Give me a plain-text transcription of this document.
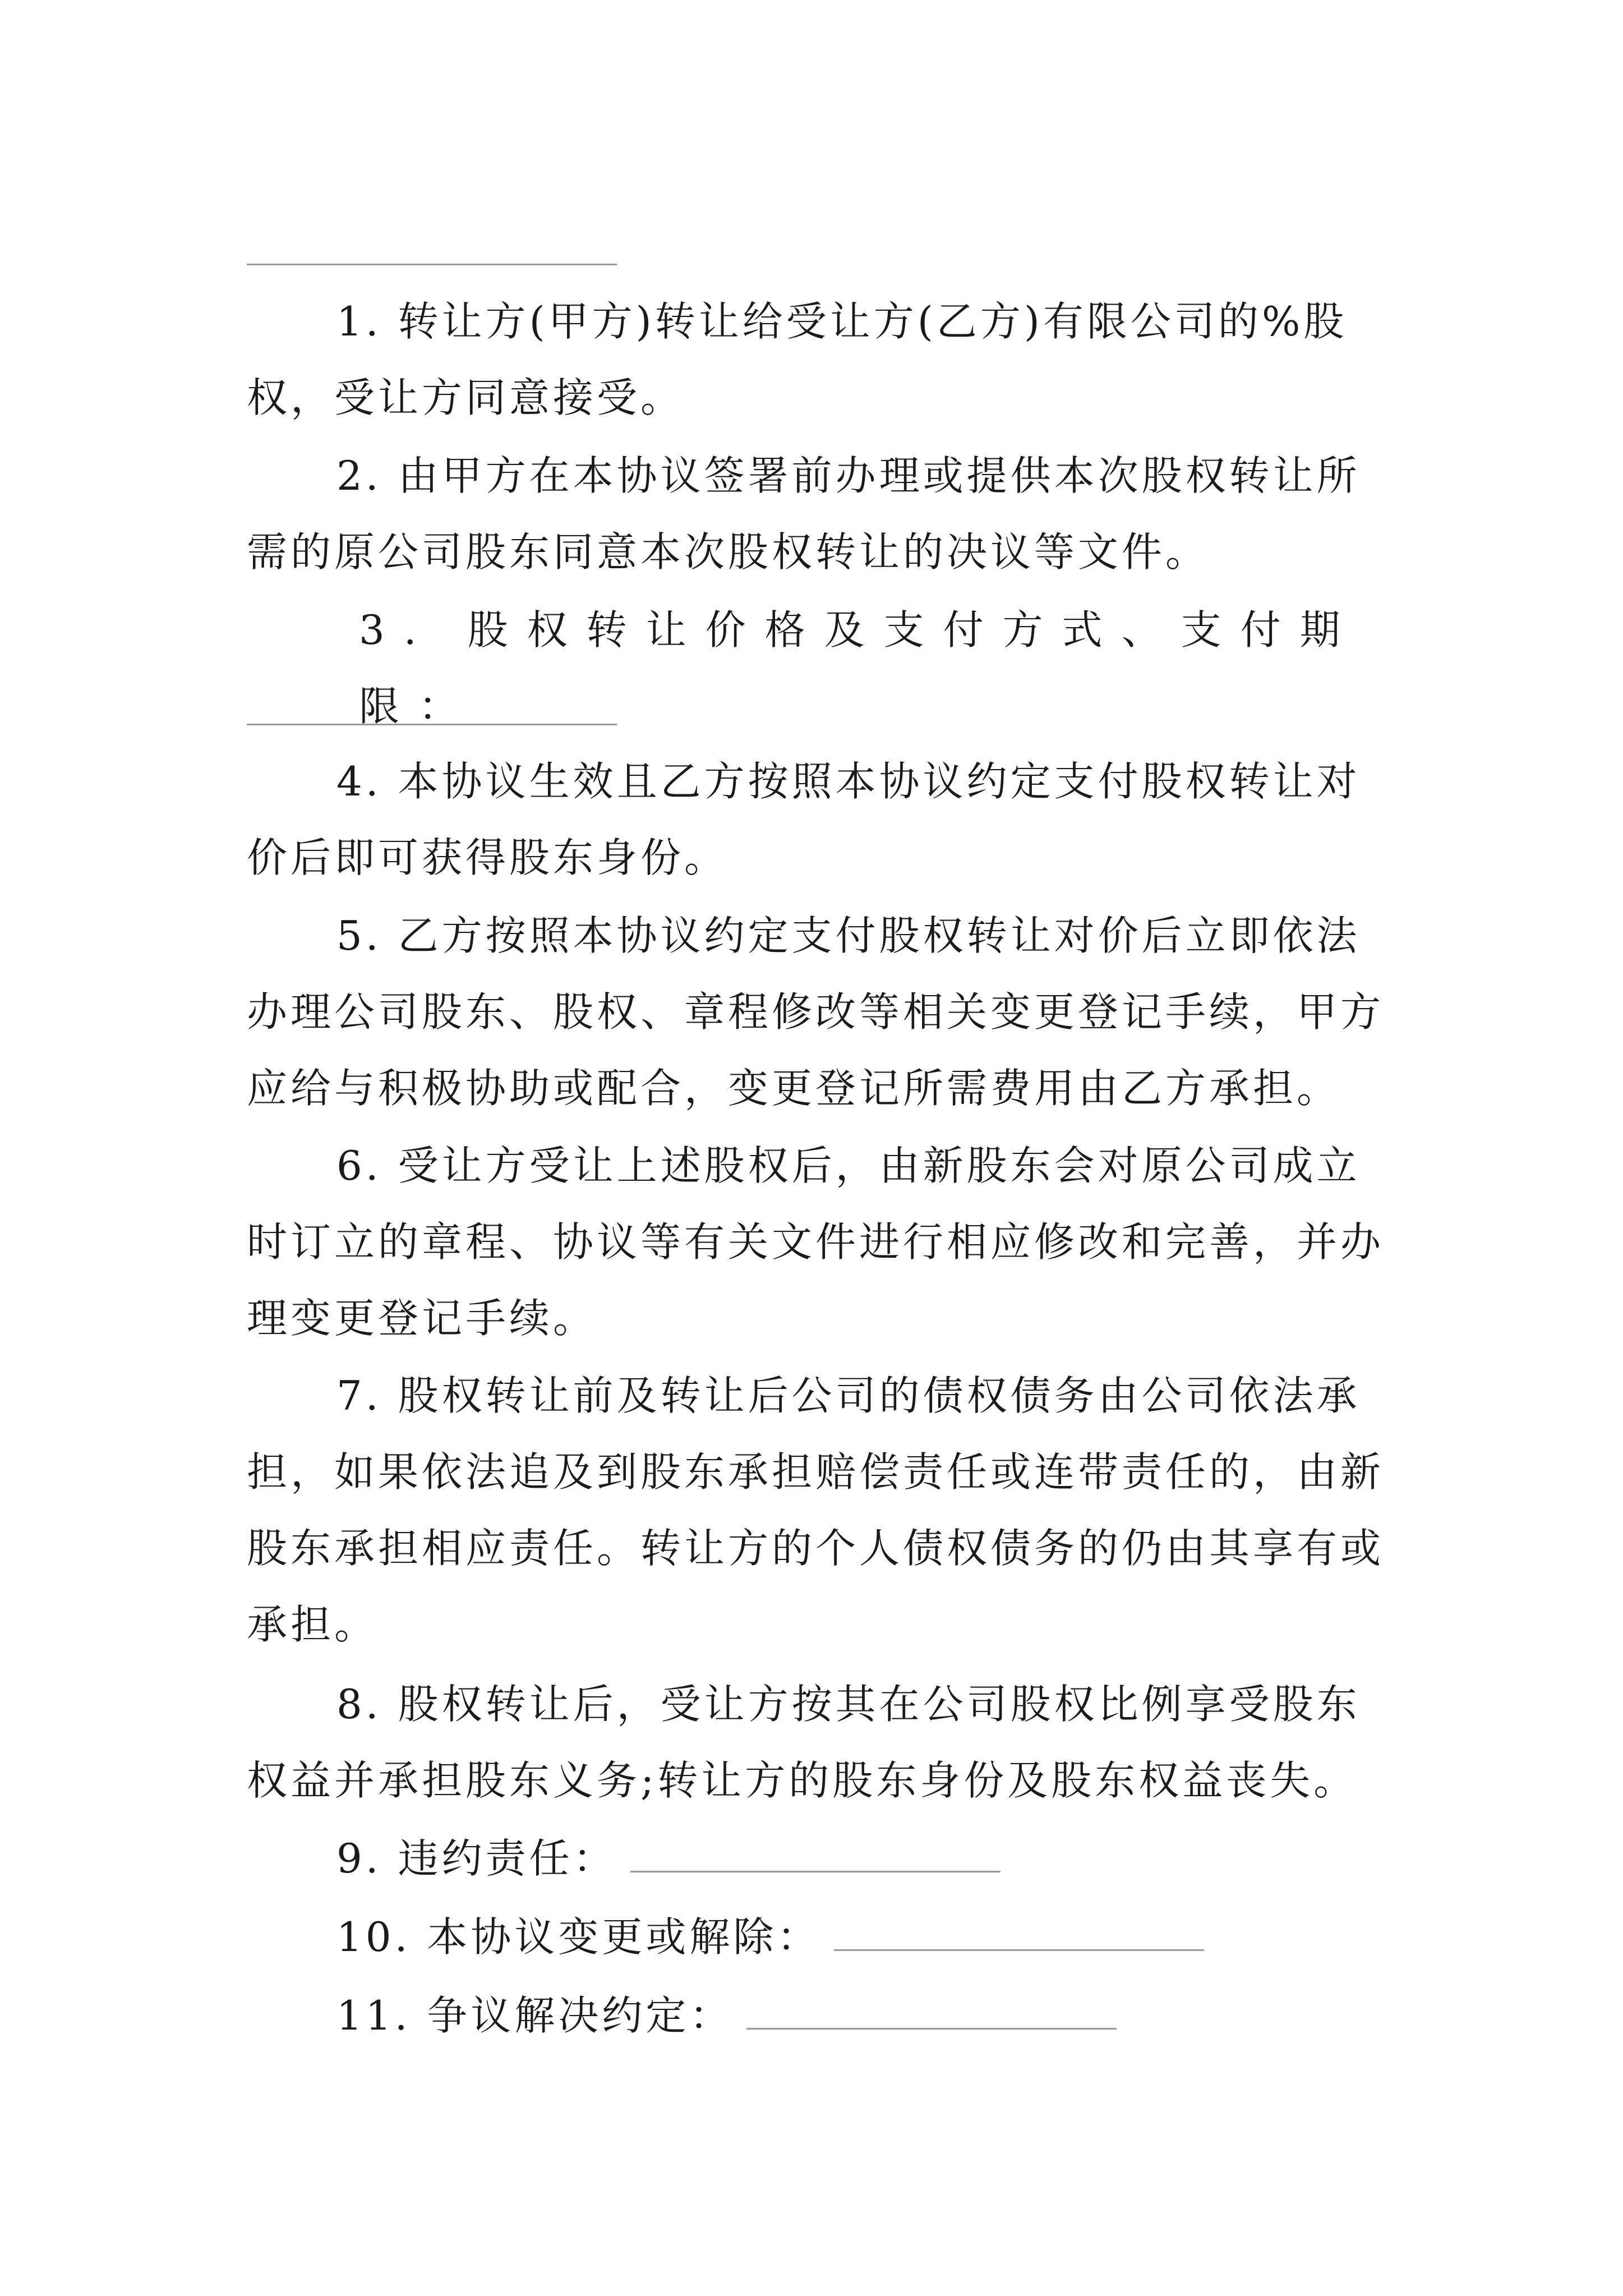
1. 转让方(甲方)转让给受让方(乙方)有限公司的%股权，受让方同意接受。

2. 由甲方在本协议签署前办理或提供本次股权转让所需的原公司股东同意本次股权转让的决议等文件。

3. 股权转让价格及支付方式、支付期限：

4. 本协议生效且乙方按照本协议约定支付股权转让对价后即可获得股东身份。

5. 乙方按照本协议约定支付股权转让对价后立即依法办理公司股东、股权、章程修改等相关变更登记手续，甲方应给与积极协助或配合，变更登记所需费用由乙方承担。

6. 受让方受让上述股权后，由新股东会对原公司成立时订立的章程、协议等有关文件进行相应修改和完善，并办理变更登记手续。

7. 股权转让前及转让后公司的债权债务由公司依法承担，如果依法追及到股东承担赔偿责任或连带责任的，由新股东承担相应责任。转让方的个人债权债务的仍由其享有或承担。

8. 股权转让后，受让方按其在公司股权比例享受股东权益并承担股东义务;转让方的股东身份及股东权益丧失。

9. 违约责任：
10. 本协议变更或解除：
11. 争议解决约定：
